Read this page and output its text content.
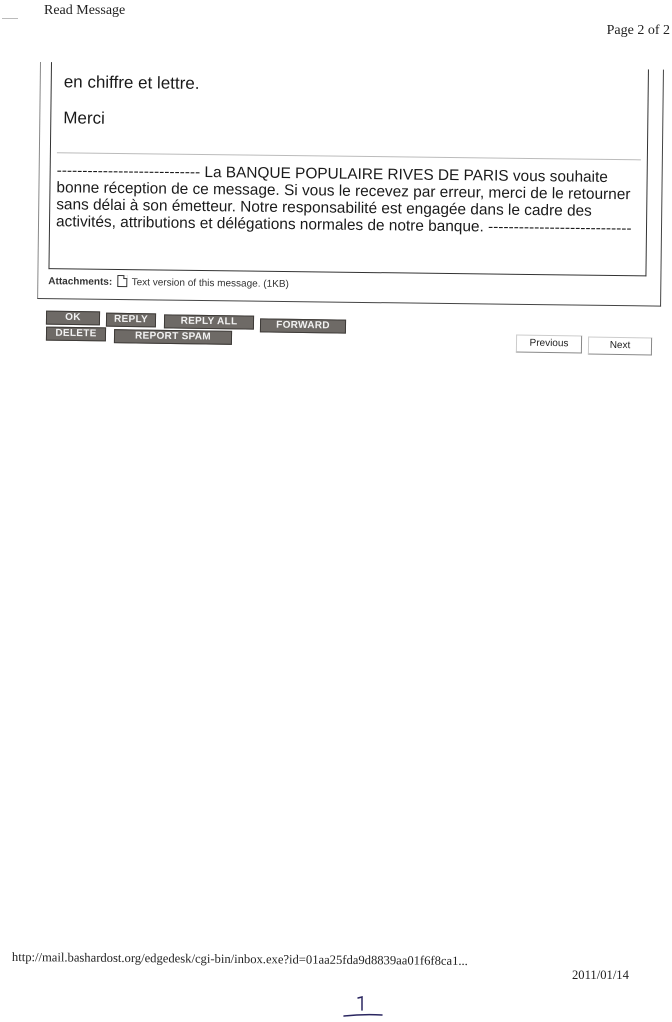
Read Message
Page 2 of 2
en chiffre et lettre.
Merci
---------------------------- La BANQUE POPULAIRE RIVES DE PARIS vous souhaite bonne réception de ce message. Si vous le recevez par erreur, merci de le retourner sans délai à son émetteur. Notre responsabilité est engagée dans le cadre des activités, attributions et délégations normales de notre banque. ----------------------------
Attachments: Text version of this message. (1KB)
OK	REPLY	REPLY ALL	FORWARD
DELETE	REPORT SPAM
Previous	Next
http://mail.bashardost.org/edgedesk/cgi-bin/inbox.exe?id=01aa25fda9d8839aa01f6f8ca1...
2011/01/14
٢
